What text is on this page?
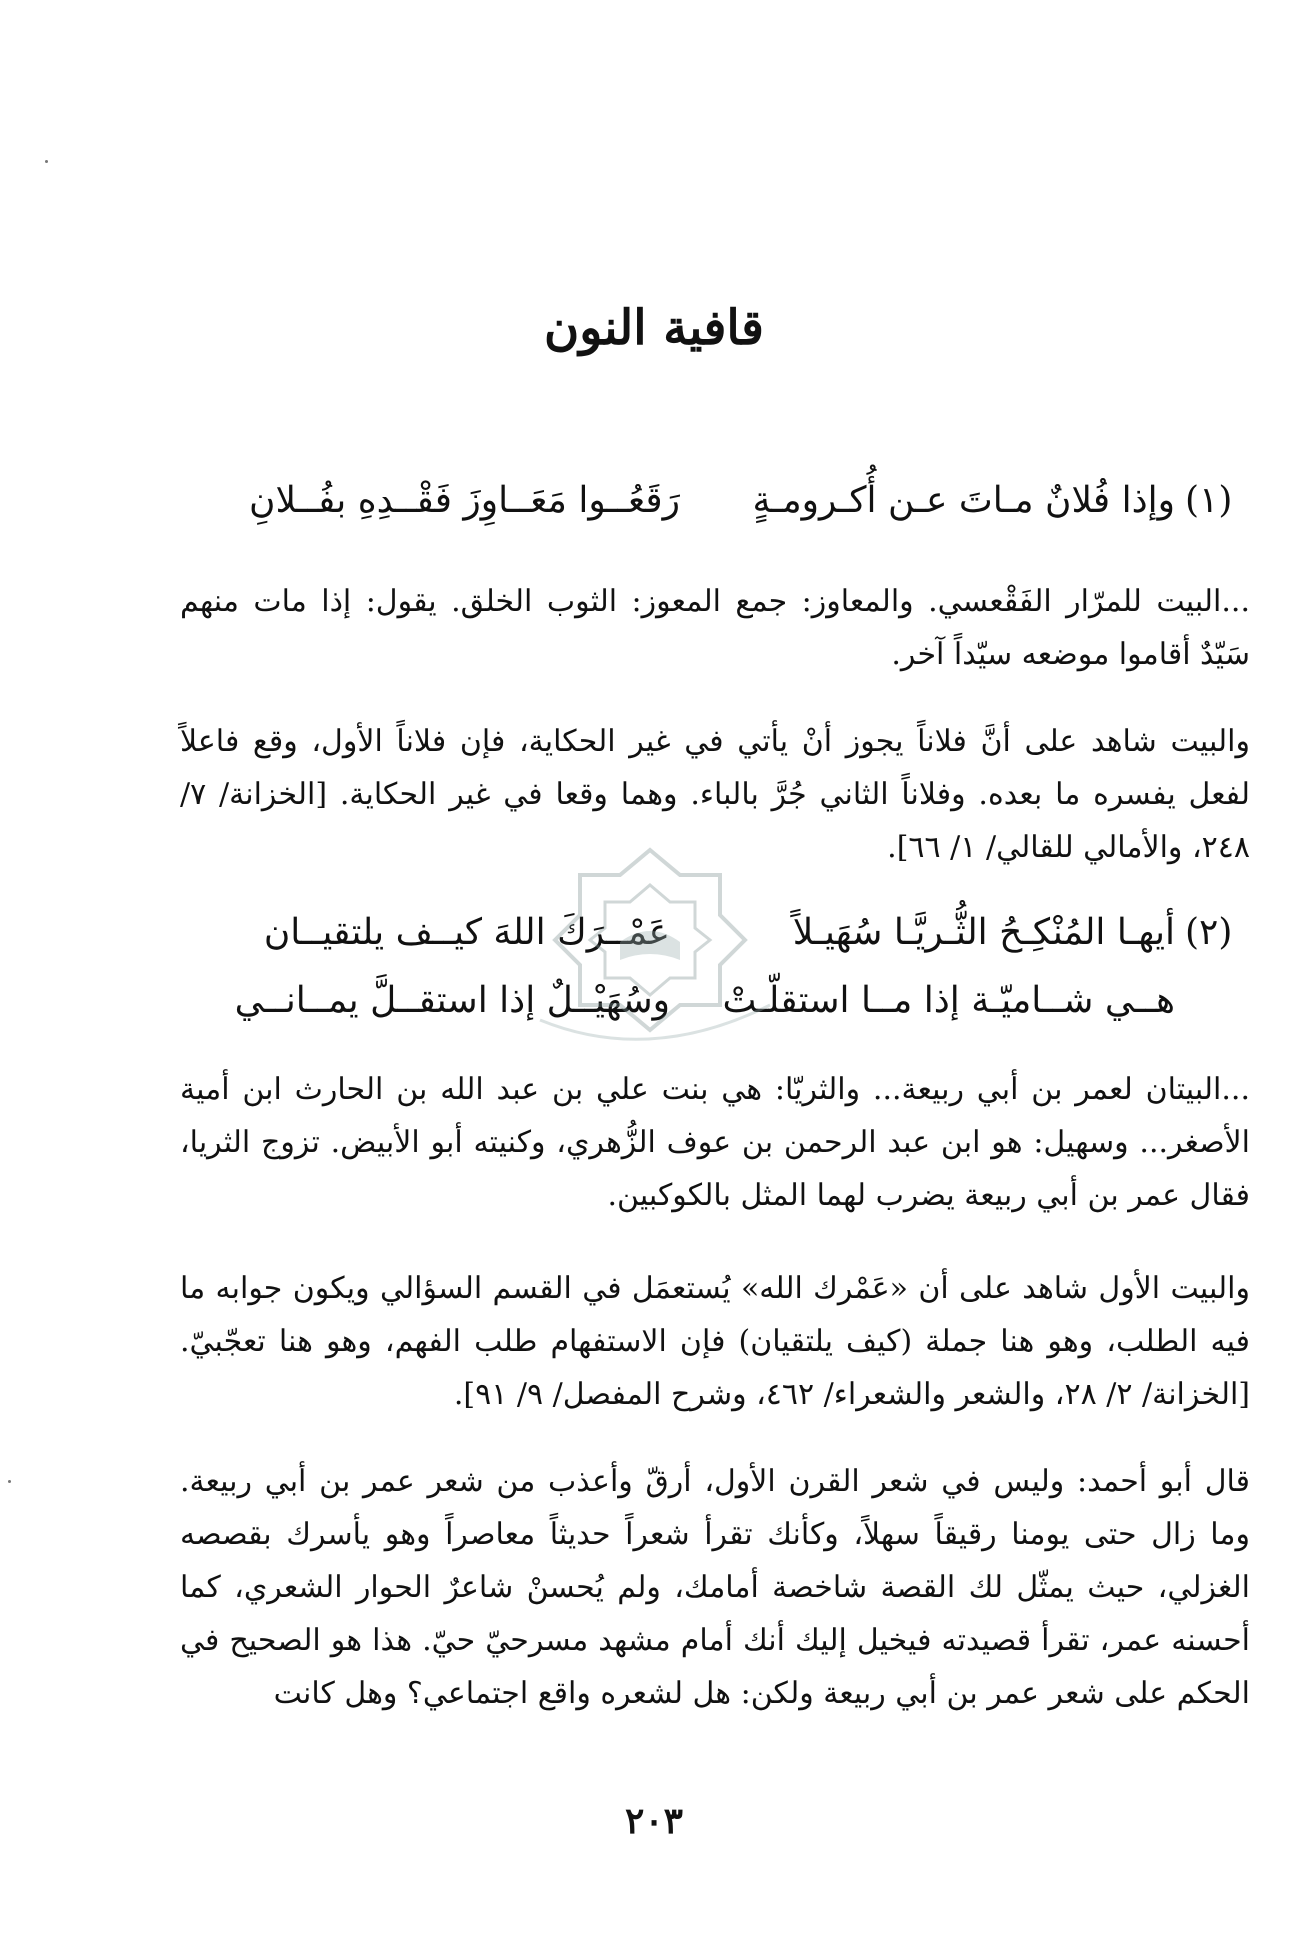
قافية النون
(١)
وإذا فُلانٌ مـاتَ عـن أُكـرومـةٍ
رَقَعُــوا مَعَــاوِزَ فَقْــدِهِ بفُــلانِ
...البيت للمرّار الفَقْعسي. والمعاوز: جمع المعوز: الثوب الخلق. يقول: إذا مات منهم سَيّدٌ أقاموا موضعه سيّداً آخر.
والبيت شاهد على أنَّ فلاناً يجوز أنْ يأتي في غير الحكاية، فإن فلاناً الأول، وقع فاعلاً لفعل يفسره ما بعده. وفلاناً الثاني جُرَّ بالباء. وهما وقعا في غير الحكاية. [الخزانة/ ٧/ ٢٤٨، والأمالي للقالي/ ١/ ٦٦].
(٢)
أيهـا المُنْكِـحُ الثُّـريَّـا سُهَيـلاً
عَمْــرَكَ اللهَ كيــف يلتقيــان
هــي شــاميّـة إذا مــا استقلّـتْ
وسُهَيْــلٌ إذا استقــلَّ يمــانــي
...البيتان لعمر بن أبي ربيعة... والثريّا: هي بنت علي بن عبد الله بن الحارث ابن أمية الأصغر... وسهيل: هو ابن عبد الرحمن بن عوف الزُّهري، وكنيته أبو الأبيض. تزوج الثريا، فقال عمر بن أبي ربيعة يضرب لهما المثل بالكوكبين.
والبيت الأول شاهد على أن «عَمْرك الله» يُستعمَل في القسم السؤالي ويكون جوابه ما فيه الطلب، وهو هنا جملة (كيف يلتقيان) فإن الاستفهام طلب الفهم، وهو هنا تعجّبيّ. [الخزانة/ ٢/ ٢٨، والشعر والشعراء/ ٤٦٢، وشرح المفصل/ ٩/ ٩١].
قال أبو أحمد: وليس في شعر القرن الأول، أرقّ وأعذب من شعر عمر بن أبي ربيعة. وما زال حتى يومنا رقيقاً سهلاً، وكأنك تقرأ شعراً حديثاً معاصراً وهو يأسرك بقصصه الغزلي، حيث يمثّل لك القصة شاخصة أمامك، ولم يُحسنْ شاعرٌ الحوار الشعري، كما أحسنه عمر، تقرأ قصيدته فيخيل إليك أنك أمام مشهد مسرحيّ حيّ. هذا هو الصحيح في الحكم على شعر عمر بن أبي ربيعة ولكن: هل لشعره واقع اجتماعي؟ وهل كانت
٢٠٣
